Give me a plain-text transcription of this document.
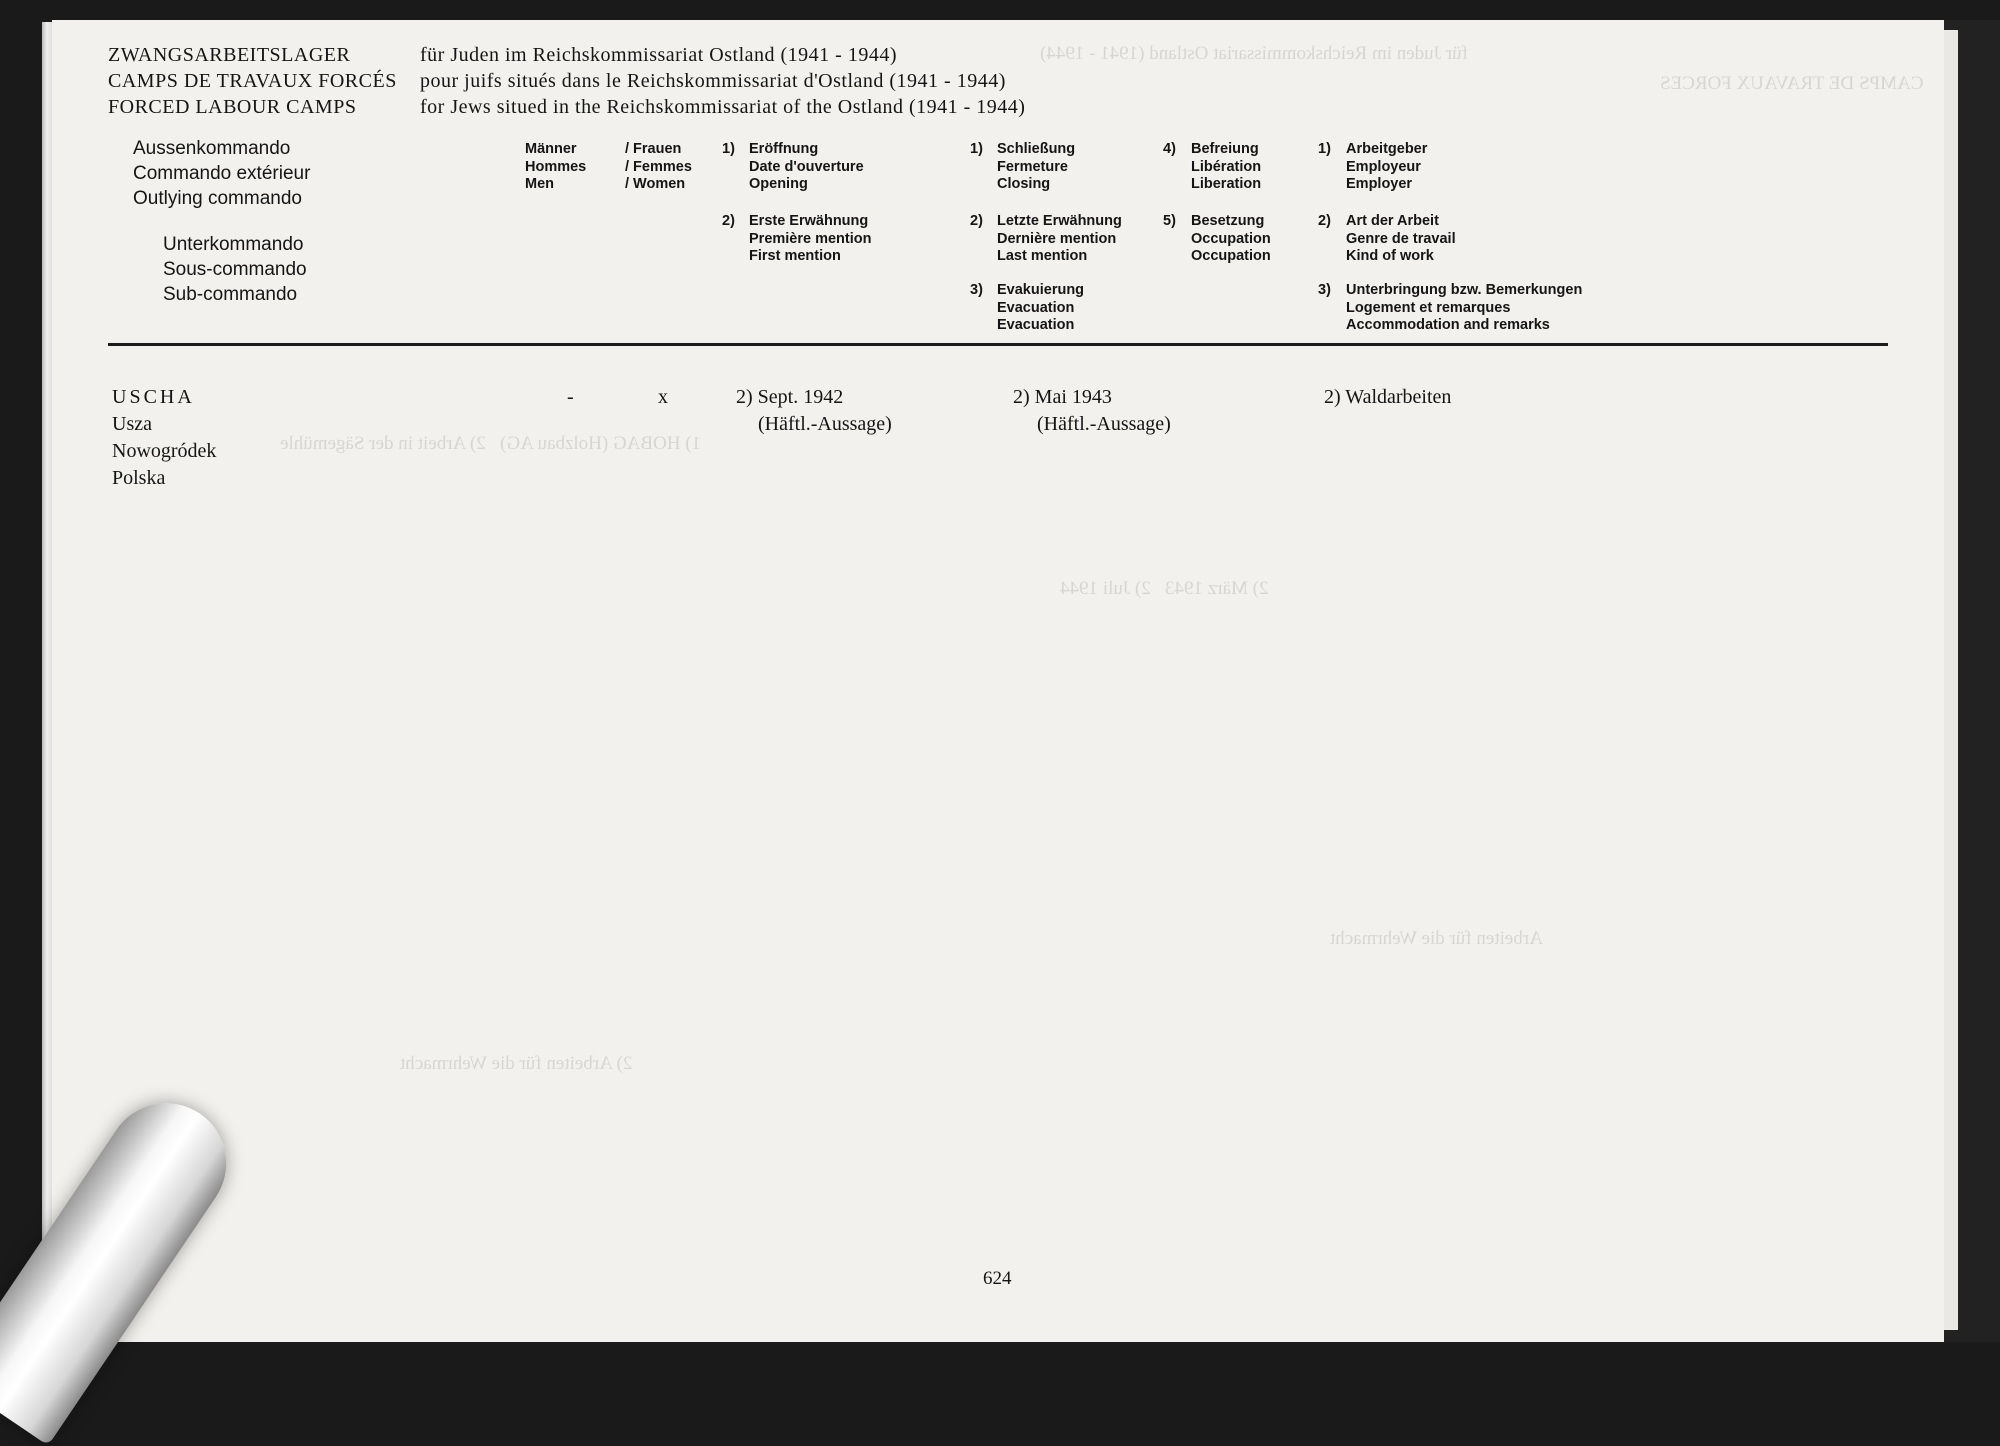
für Juden im Reichskommissariat Ostland (1941 - 1944)
CAMPS DE TRAVAUX FORCES
1) HOBAG (Holzbau AG)   2) Arbeit in der Sägemühle
2) März 1943   2) Juli 1944
2) Arbeiten für die Wehrmacht
Arbeiten für die Wehrmacht
ZWANGSARBEITSLAGER
CAMPS DE TRAVAUX FORCÉS
FORCED LABOUR CAMPS
für Juden im Reichskommissariat Ostland (1941 - 1944)
pour juifs situés dans le Reichskommissariat d'Ostland (1941 - 1944)
for Jews situed in the Reichskommissariat of the Ostland (1941 - 1944)
Aussenkommando
Commando extérieur
Outlying commando
Unterkommando
Sous-commando
Sub-commando
Männer
Hommes
Men
/ Frauen
/ Femmes
/ Women
1) Eröffnung
Date d'ouverture
Opening
2) Erste Erwähnung
Première mention
First mention
1) Schließung
Fermeture
Closing
2) Letzte Erwähnung
Dernière mention
Last mention
3) Evakuierung
Evacuation
Evacuation
4) Befreiung
Libération
Liberation
5) Besetzung
Occupation
Occupation
1) Arbeitgeber
Employeur
Employer
2) Art der Arbeit
Genre de travail
Kind of work
3) Unterbringung bzw. Bemerkungen
Logement et remarques
Accommodation and remarks
USCHA
Usza
Nowogródek
Polska
-	x	2) Sept. 1942
(Häftl.-Aussage)
2) Mai 1943
(Häftl.-Aussage)
2) Waldarbeiten
624
